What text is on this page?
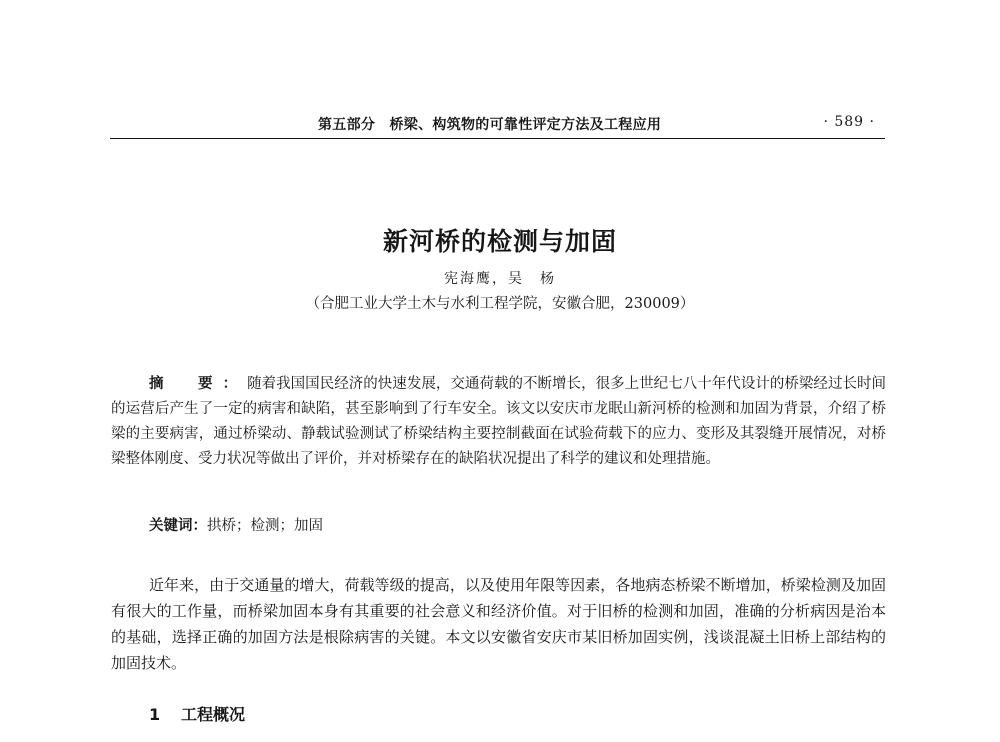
第五部分　桥梁、构筑物的可靠性评定方法及工程应用	· 589 ·
新河桥的检测与加固
宪海鹰，吴　杨
（合肥工业大学土木与水利工程学院，安徽合肥，230009）
摘　要：随着我国国民经济的快速发展，交通荷载的不断增长，很多上世纪七八十年代设计的桥梁经过长时间的运营后产生了一定的病害和缺陷，甚至影响到了行车安全。该文以安庆市龙眠山新河桥的检测和加固为背景，介绍了桥梁的主要病害，通过桥梁动、静载试验测试了桥梁结构主要控制截面在试验荷载下的应力、变形及其裂缝开展情况，对桥梁整体刚度、受力状况等做出了评价，并对桥梁存在的缺陷状况提出了科学的建议和处理措施。
关键词：拱桥；检测；加固
近年来，由于交通量的增大，荷载等级的提高，以及使用年限等因素，各地病态桥梁不断增加，桥梁检测及加固有很大的工作量，而桥梁加固本身有其重要的社会意义和经济价值。对于旧桥的检测和加固，准确的分析病因是治本的基础，选择正确的加固方法是根除病害的关键。本文以安徽省安庆市某旧桥加固实例，浅谈混凝土旧桥上部结构的加固技术。
1 工程概况
